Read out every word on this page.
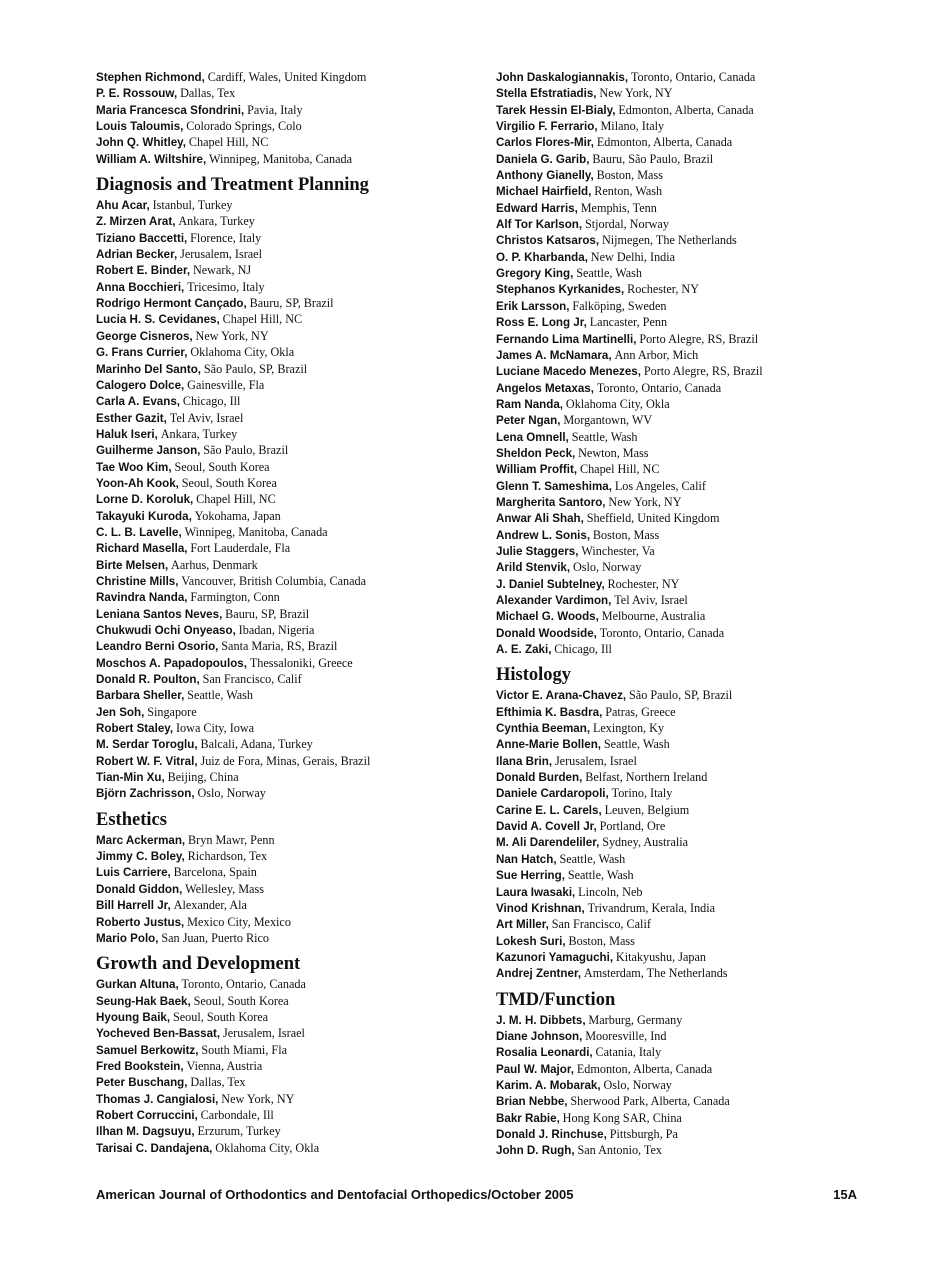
Stephen Richmond, Cardiff, Wales, United Kingdom
P. E. Rossouw, Dallas, Tex
Maria Francesca Sfondrini, Pavia, Italy
Louis Taloumis, Colorado Springs, Colo
John Q. Whitley, Chapel Hill, NC
William A. Wiltshire, Winnipeg, Manitoba, Canada
Diagnosis and Treatment Planning
Ahu Acar, Istanbul, Turkey
Z. Mirzen Arat, Ankara, Turkey
Tiziano Baccetti, Florence, Italy
Adrian Becker, Jerusalem, Israel
Robert E. Binder, Newark, NJ
Anna Bocchieri, Tricesimo, Italy
Rodrigo Hermont Cançado, Bauru, SP, Brazil
Lucia H. S. Cevidanes, Chapel Hill, NC
George Cisneros, New York, NY
G. Frans Currier, Oklahoma City, Okla
Marinho Del Santo, São Paulo, SP, Brazil
Calogero Dolce, Gainesville, Fla
Carla A. Evans, Chicago, Ill
Esther Gazit, Tel Aviv, Israel
Haluk Iseri, Ankara, Turkey
Guilherme Janson, São Paulo, Brazil
Tae Woo Kim, Seoul, South Korea
Yoon-Ah Kook, Seoul, South Korea
Lorne D. Koroluk, Chapel Hill, NC
Takayuki Kuroda, Yokohama, Japan
C. L. B. Lavelle, Winnipeg, Manitoba, Canada
Richard Masella, Fort Lauderdale, Fla
Birte Melsen, Aarhus, Denmark
Christine Mills, Vancouver, British Columbia, Canada
Ravindra Nanda, Farmington, Conn
Leniana Santos Neves, Bauru, SP, Brazil
Chukwudi Ochi Onyeaso, Ibadan, Nigeria
Leandro Berni Osorio, Santa Maria, RS, Brazil
Moschos A. Papadopoulos, Thessaloniki, Greece
Donald R. Poulton, San Francisco, Calif
Barbara Sheller, Seattle, Wash
Jen Soh, Singapore
Robert Staley, Iowa City, Iowa
M. Serdar Toroglu, Balcali, Adana, Turkey
Robert W. F. Vitral, Juiz de Fora, Minas, Gerais, Brazil
Tian-Min Xu, Beijing, China
Björn Zachrisson, Oslo, Norway
Esthetics
Marc Ackerman, Bryn Mawr, Penn
Jimmy C. Boley, Richardson, Tex
Luis Carriere, Barcelona, Spain
Donald Giddon, Wellesley, Mass
Bill Harrell Jr, Alexander, Ala
Roberto Justus, Mexico City, Mexico
Mario Polo, San Juan, Puerto Rico
Growth and Development
Gurkan Altuna, Toronto, Ontario, Canada
Seung-Hak Baek, Seoul, South Korea
Hyoung Baik, Seoul, South Korea
Yocheved Ben-Bassat, Jerusalem, Israel
Samuel Berkowitz, South Miami, Fla
Fred Bookstein, Vienna, Austria
Peter Buschang, Dallas, Tex
Thomas J. Cangialosi, New York, NY
Robert Corruccini, Carbondale, Ill
Ilhan M. Dagsuyu, Erzurum, Turkey
Tarisai C. Dandajena, Oklahoma City, Okla
John Daskalogiannakis, Toronto, Ontario, Canada
Stella Efstratiadis, New York, NY
Tarek Hessin El-Bialy, Edmonton, Alberta, Canada
Virgilio F. Ferrario, Milano, Italy
Carlos Flores-Mir, Edmonton, Alberta, Canada
Daniela G. Garib, Bauru, São Paulo, Brazil
Anthony Gianelly, Boston, Mass
Michael Hairfield, Renton, Wash
Edward Harris, Memphis, Tenn
Alf Tor Karlson, Stjordal, Norway
Christos Katsaros, Nijmegen, The Netherlands
O. P. Kharbanda, New Delhi, India
Gregory King, Seattle, Wash
Stephanos Kyrkanides, Rochester, NY
Erik Larsson, Falköping, Sweden
Ross E. Long Jr, Lancaster, Penn
Fernando Lima Martinelli, Porto Alegre, RS, Brazil
James A. McNamara, Ann Arbor, Mich
Luciane Macedo Menezes, Porto Alegre, RS, Brazil
Angelos Metaxas, Toronto, Ontario, Canada
Ram Nanda, Oklahoma City, Okla
Peter Ngan, Morgantown, WV
Lena Omnell, Seattle, Wash
Sheldon Peck, Newton, Mass
William Proffit, Chapel Hill, NC
Glenn T. Sameshima, Los Angeles, Calif
Margherita Santoro, New York, NY
Anwar Ali Shah, Sheffield, United Kingdom
Andrew L. Sonis, Boston, Mass
Julie Staggers, Winchester, Va
Arild Stenvik, Oslo, Norway
J. Daniel Subtelney, Rochester, NY
Alexander Vardimon, Tel Aviv, Israel
Michael G. Woods, Melbourne, Australia
Donald Woodside, Toronto, Ontario, Canada
A. E. Zaki, Chicago, Ill
Histology
Victor E. Arana-Chavez, São Paulo, SP, Brazil
Efthimia K. Basdra, Patras, Greece
Cynthia Beeman, Lexington, Ky
Anne-Marie Bollen, Seattle, Wash
Ilana Brin, Jerusalem, Israel
Donald Burden, Belfast, Northern Ireland
Daniele Cardaropoli, Torino, Italy
Carine E. L. Carels, Leuven, Belgium
David A. Covell Jr, Portland, Ore
M. Ali Darendeliler, Sydney, Australia
Nan Hatch, Seattle, Wash
Sue Herring, Seattle, Wash
Laura Iwasaki, Lincoln, Neb
Vinod Krishnan, Trivandrum, Kerala, India
Art Miller, San Francisco, Calif
Lokesh Suri, Boston, Mass
Kazunori Yamaguchi, Kitakyushu, Japan
Andrej Zentner, Amsterdam, The Netherlands
TMD/Function
J. M. H. Dibbets, Marburg, Germany
Diane Johnson, Mooresville, Ind
Rosalia Leonardi, Catania, Italy
Paul W. Major, Edmonton, Alberta, Canada
Karim. A. Mobarak, Oslo, Norway
Brian Nebbe, Sherwood Park, Alberta, Canada
Bakr Rabie, Hong Kong SAR, China
Donald J. Rinchuse, Pittsburgh, Pa
John D. Rugh, San Antonio, Tex
American Journal of Orthodontics and Dentofacial Orthopedics/October 2005	15A
